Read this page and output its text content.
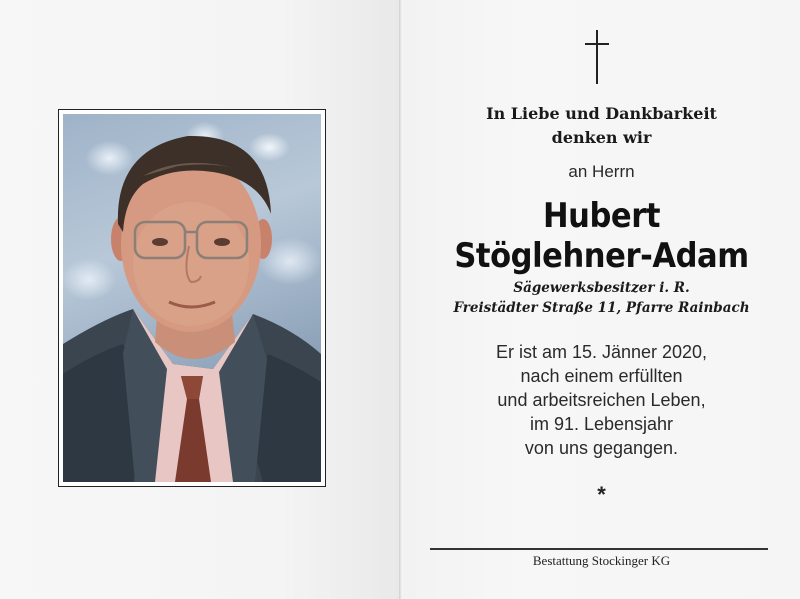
In Liebe und Dankbarkeit
denken wir
an Herrn
Hubert
Stöglehner-Adam
Sägewerksbesitzer i. R.
Freistädter Straße 11, Pfarre Rainbach
Er ist am 15. Jänner 2020,
nach einem erfüllten
und arbeitsreichen Leben,
im 91. Lebensjahr
von uns gegangen.
*
Bestattung Stockinger KG
